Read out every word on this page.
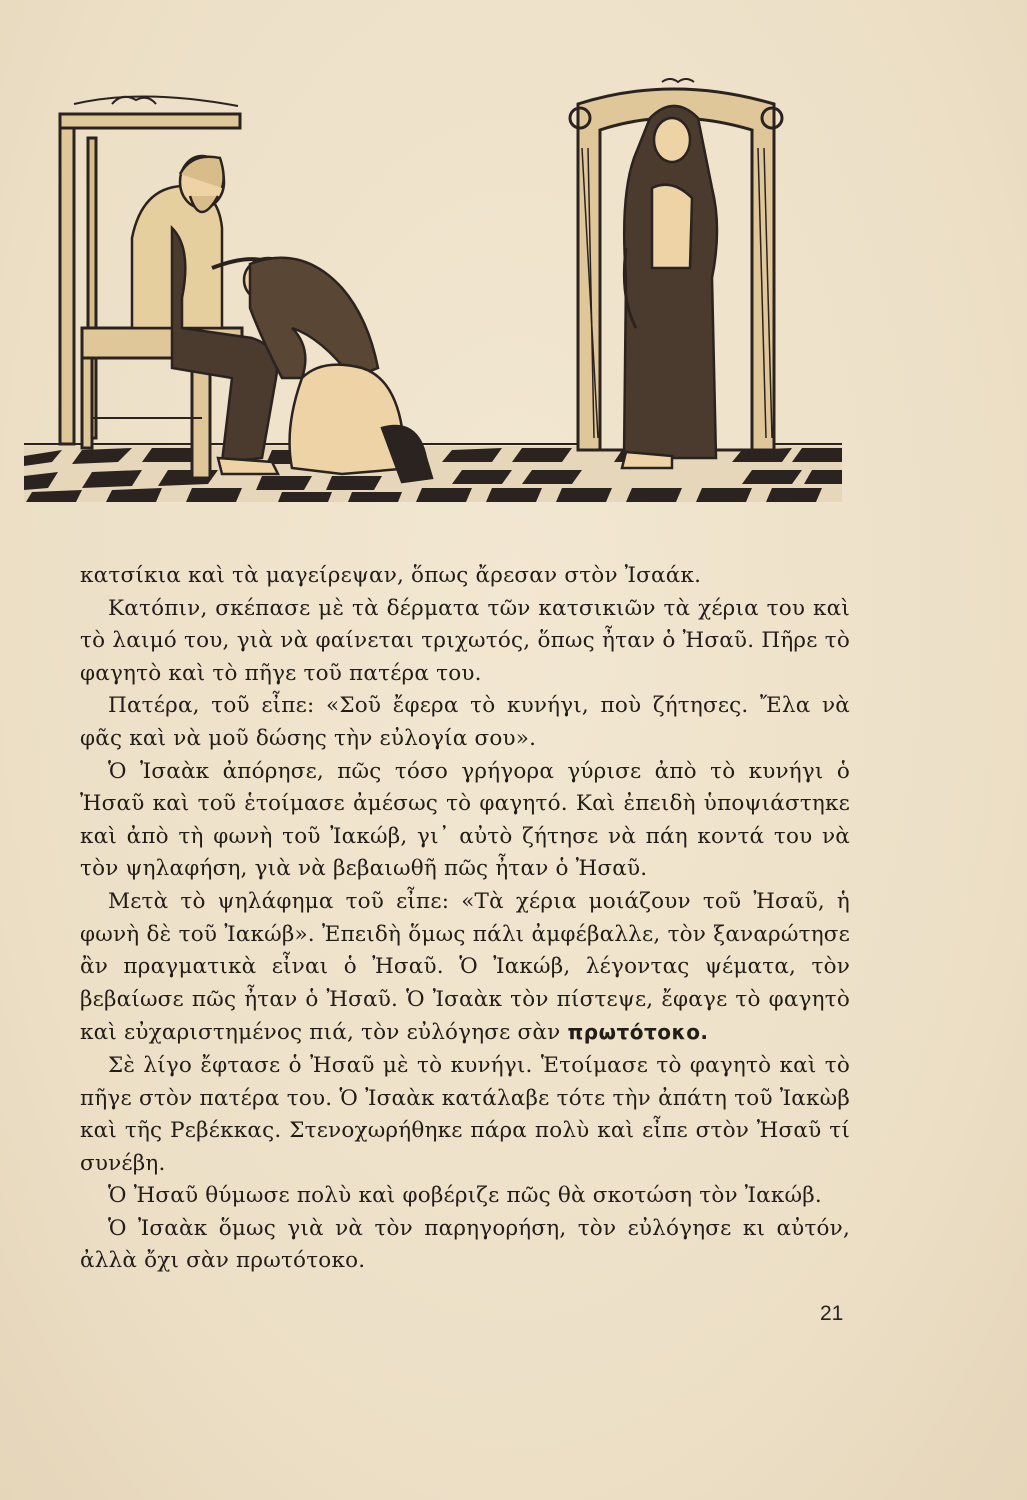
κατσίκια καὶ τὰ μαγείρεψαν, ὅπως ἄρεσαν στὸν Ἰσαάκ.

Κατόπιν, σκέπασε μὲ τὰ δέρματα τῶν κατσικιῶν τὰ χέρια του καὶ τὸ λαιμό του, γιὰ νὰ φαίνεται τριχωτός, ὅπως ἦταν ὁ Ἠσαῦ. Πῆρε τὸ φαγητὸ καὶ τὸ πῆγε τοῦ πατέρα του.

Πατέρα, τοῦ εἶπε: «Σοῦ ἔφερα τὸ κυνήγι, ποὺ ζήτησες. Ἔλα νὰ φᾶς καὶ νὰ μοῦ δώσης τὴν εὐλογία σου».

Ὁ Ἰσαὰκ ἀπόρησε, πῶς τόσο γρήγορα γύρισε ἀπὸ τὸ κυνήγι ὁ Ἠσαῦ καὶ τοῦ ἑτοίμασε ἀμέσως τὸ φαγητό. Καὶ ἐπειδὴ ὑποψιάστηκε καὶ ἀπὸ τὴ φωνὴ τοῦ Ἰακώβ, γι᾿ αὐτὸ ζήτησε νὰ πάη κοντά του νὰ τὸν ψηλαφήση, γιὰ νὰ βεβαιωθῆ πῶς ἦταν ὁ Ἠσαῦ.

Μετὰ τὸ ψηλάφημα τοῦ εἶπε: «Τὰ χέρια μοιάζουν τοῦ Ἠσαῦ, ἡ φωνὴ δὲ τοῦ Ἰακώβ». Ἐπειδὴ ὅμως πάλι ἀμφέβαλλε, τὸν ξαναρώτησε ἂν πραγματικὰ εἶναι ὁ Ἠσαῦ. Ὁ Ἰακώβ, λέγοντας ψέματα, τὸν βεβαίωσε πῶς ἦταν ὁ Ἠσαῦ. Ὁ Ἰσαὰκ τὸν πίστεψε, ἔφαγε τὸ φαγητὸ καὶ εὐχαριστημένος πιά, τὸν εὐλόγησε σὰν πρωτότοκο.

Σὲ λίγο ἔφτασε ὁ Ἠσαῦ μὲ τὸ κυνήγι. Ἑτοίμασε τὸ φαγητὸ καὶ τὸ πῆγε στὸν πατέρα του. Ὁ Ἰσαὰκ κατάλαβε τότε τὴν ἀπάτη τοῦ Ἰακὼβ καὶ τῆς Ρεβέκκας. Στενοχωρήθηκε πάρα πολὺ καὶ εἶπε στὸν Ἠσαῦ τί συνέβη.

Ὁ Ἠσαῦ θύμωσε πολὺ καὶ φοβέριζε πῶς θὰ σκοτώση τὸν Ἰακώβ.

Ὁ Ἰσαὰκ ὅμως γιὰ νὰ τὸν παρηγορήση, τὸν εὐλόγησε κι αὐτόν, ἀλλὰ ὄχι σὰν πρωτότοκο.

21
